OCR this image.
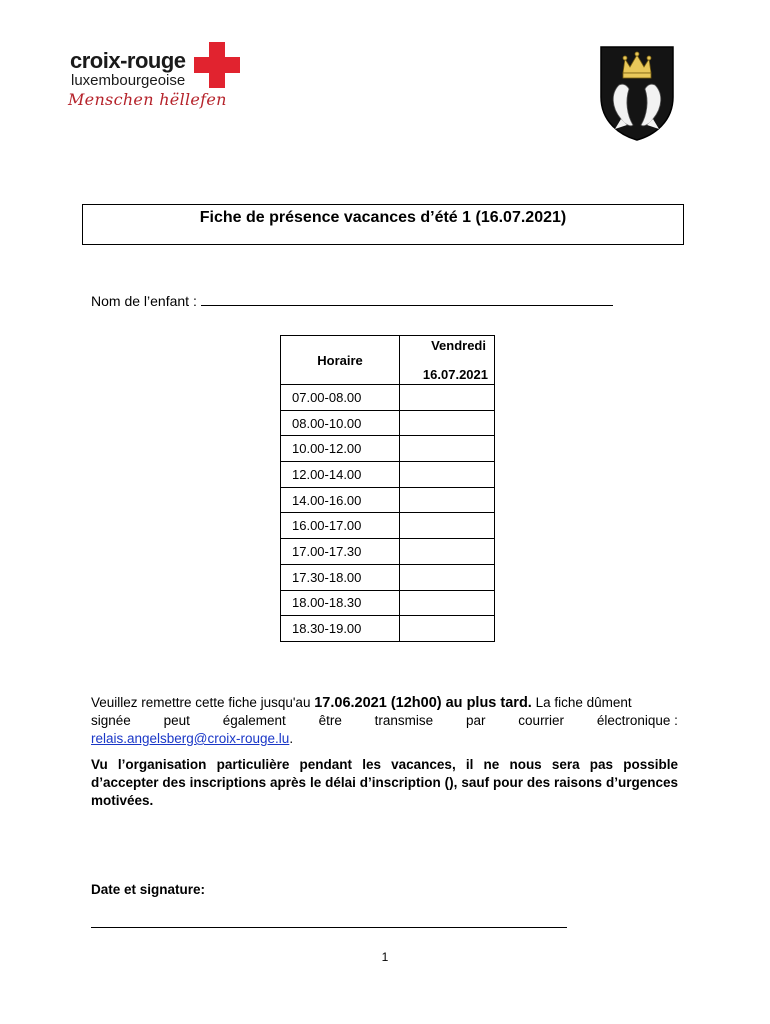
croix-rouge
luxembourgeoise
Menschen hëllefen
Fiche de présence vacances d’été 1 (16.07.2021)
Nom de l’enfant :
Horaire	Vendredi
16.07.2021

07.00-08.00	
08.00-10.00	
10.00-12.00	
12.00-14.00	
14.00-16.00	
16.00-17.00	
17.00-17.30	
17.30-18.00	
18.00-18.30	
18.30-19.00	
Veuillez remettre cette fiche jusqu'au 17.06.2021 (12h00) au plus tard. La fiche dûment
signée peut également être transmise par courrier électronique :
relais.angelsberg@croix-rouge.lu.
Vu l’organisation particulière pendant les vacances, il ne nous sera pas possible d’accepter des inscriptions après le délai d’inscription (), sauf pour des raisons d’urgences motivées.
Date et signature:
1
